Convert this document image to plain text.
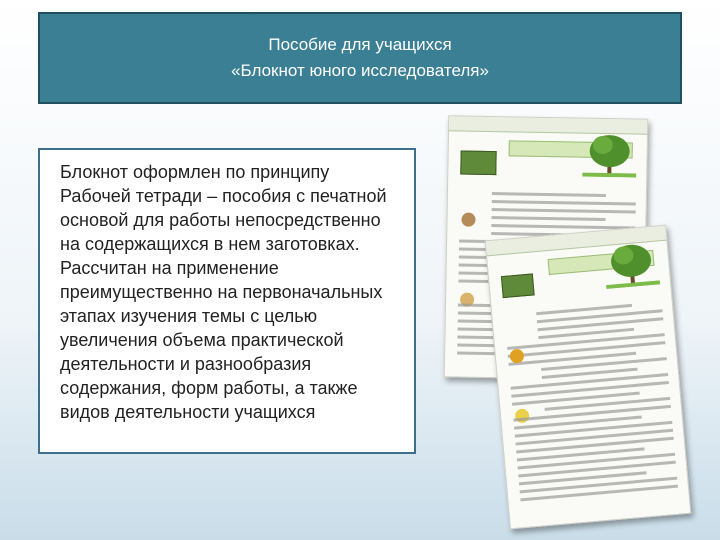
Пособие для учащихся
«Блокнот юного исследователя»
Блокнот оформлен по принципу Рабочей тетради – пособия с печатной основой для работы непосредственно на содержащихся в нем заготовках. Рассчитан на применение преимущественно на первоначальных этапах изучения темы с целью увеличения объема практической деятельности и разнообразия содержания, форм работы, а также видов деятельности учащихся
